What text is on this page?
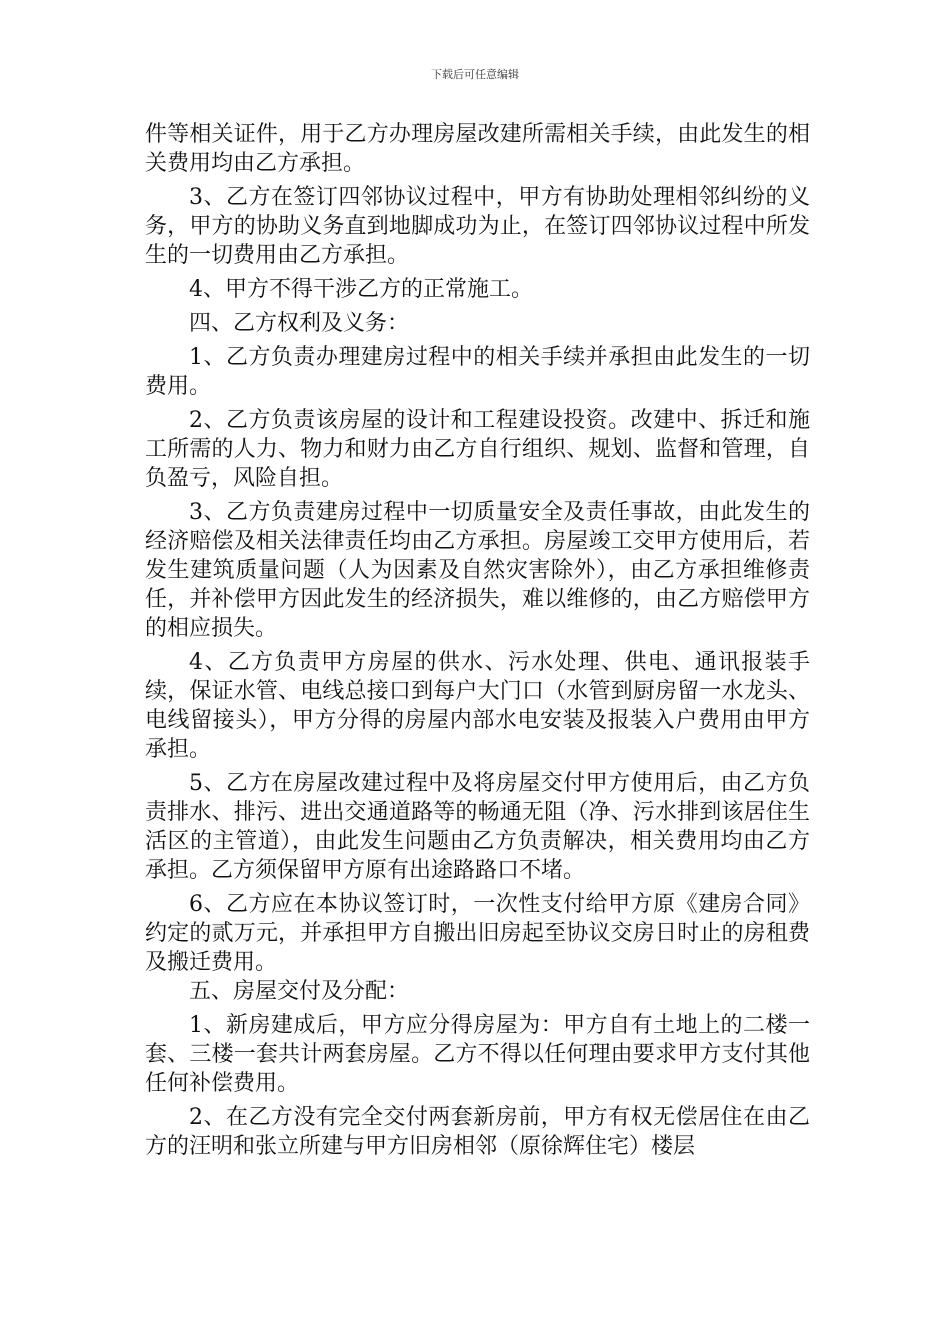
下载后可任意编辑

件等相关证件，用于乙方办理房屋改建所需相关手续，由此发生的相关费用均由乙方承担。

3、乙方在签订四邻协议过程中，甲方有协助处理相邻纠纷的义务，甲方的协助义务直到地脚成功为止，在签订四邻协议过程中所发生的一切费用由乙方承担。

4、甲方不得干涉乙方的正常施工。

四、乙方权利及义务：

1、乙方负责办理建房过程中的相关手续并承担由此发生的一切费用。

2、乙方负责该房屋的设计和工程建设投资。改建中、拆迁和施工所需的人力、物力和财力由乙方自行组织、规划、监督和管理，自负盈亏，风险自担。

3、乙方负责建房过程中一切质量安全及责任事故，由此发生的经济赔偿及相关法律责任均由乙方承担。房屋竣工交甲方使用后，若发生建筑质量问题（人为因素及自然灾害除外），由乙方承担维修责任，并补偿甲方因此发生的经济损失，难以维修的，由乙方赔偿甲方的相应损失。

4、乙方负责甲方房屋的供水、污水处理、供电、通讯报装手续，保证水管、电线总接口到每户大门口（水管到厨房留一水龙头、电线留接头），甲方分得的房屋内部水电安装及报装入户费用由甲方承担。

5、乙方在房屋改建过程中及将房屋交付甲方使用后，由乙方负责排水、排污、进出交通道路等的畅通无阻（净、污水排到该居住生活区的主管道），由此发生问题由乙方负责解决，相关费用均由乙方承担。乙方须保留甲方原有出途路路口不堵。

6、乙方应在本协议签订时，一次性支付给甲方原《建房合同》约定的贰万元，并承担甲方自搬出旧房起至协议交房日时止的房租费及搬迁费用。

五、房屋交付及分配：

1、新房建成后，甲方应分得房屋为：甲方自有土地上的二楼一套、三楼一套共计两套房屋。乙方不得以任何理由要求甲方支付其他任何补偿费用。

2、在乙方没有完全交付两套新房前，甲方有权无偿居住在由乙方的汪明和张立所建与甲方旧房相邻（原徐辉住宅）楼层
